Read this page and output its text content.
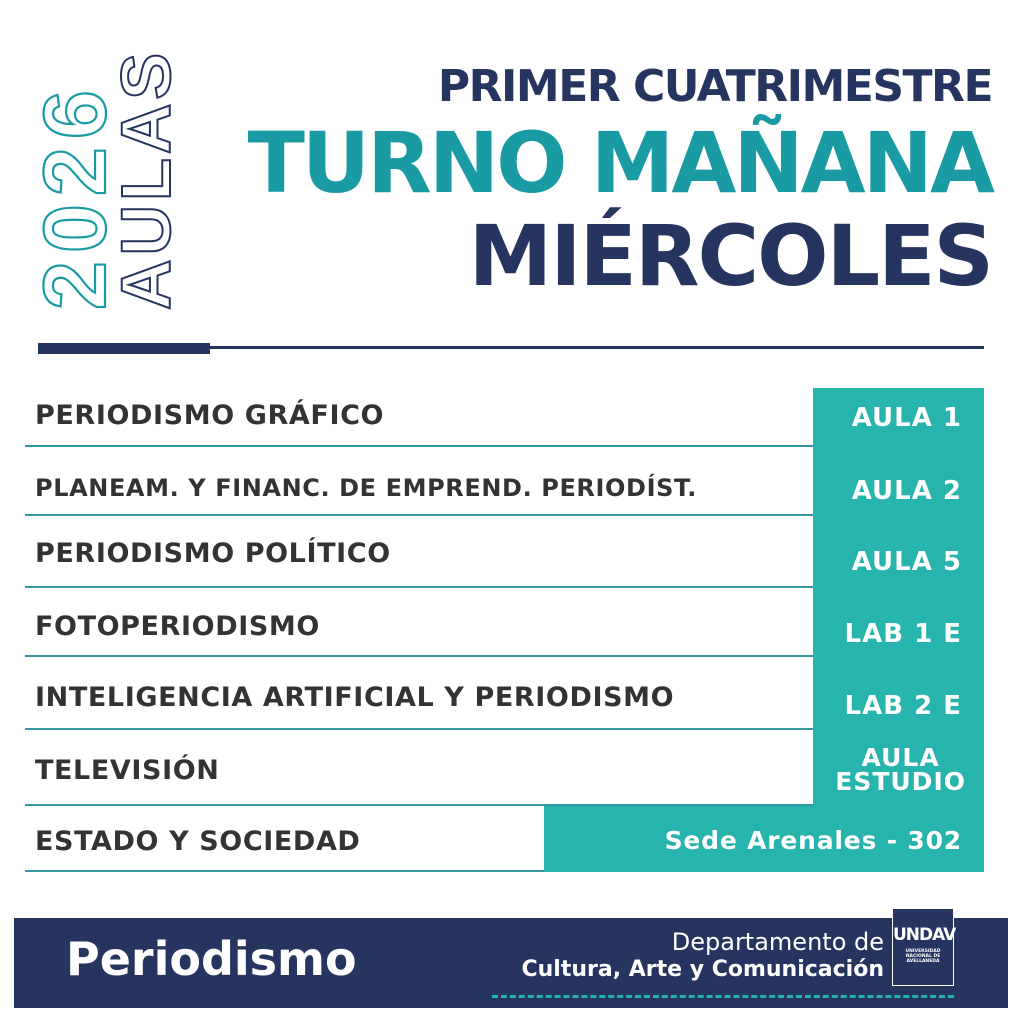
2026
AULAS	PRIMER CUATRIMESTRE
TURNO MAÑANA
MIÉRCOLES
PERIODISMO GRÁFICO	AULA 1
PLANEAM. Y FINANC. DE EMPREND. PERIODÍST.	AULA 2
PERIODISMO POLÍTICO	AULA 5
FOTOPERIODISMO	LAB 1 E
INTELIGENCIA ARTIFICIAL Y PERIODISMO	LAB 2 E
TELEVISIÓN	AULA
ESTUDIO
ESTADO Y SOCIEDAD	Sede Arenales - 302
Periodismo	Departamento de
Cultura, Arte y Comunicación
UNDAV
UNIVERSIDAD NACIONAL DE AVELLANEDA
